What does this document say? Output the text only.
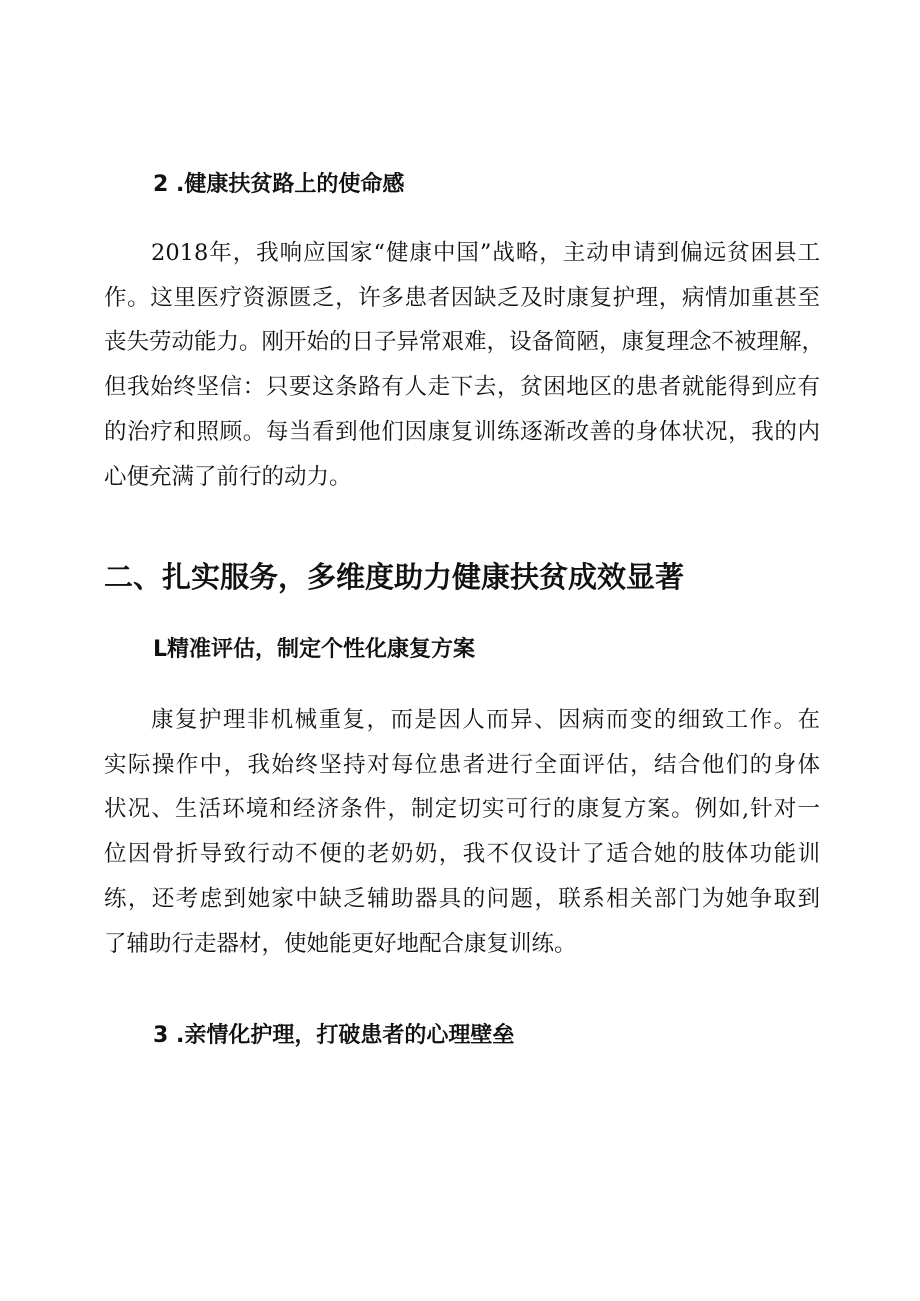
2 .健康扶贫路上的使命感

2018年，我响应国家“健康中国”战略，主动申请到偏远贫困县工
作。这里医疗资源匮乏，许多患者因缺乏及时康复护理，病情加重甚至
丧失劳动能力。刚开始的日子异常艰难，设备简陋，康复理念不被理解，
但我始终坚信：只要这条路有人走下去，贫困地区的患者就能得到应有
的治疗和照顾。每当看到他们因康复训练逐渐改善的身体状况，我的内
心便充满了前行的动力。

二、扎实服务，多维度助力健康扶贫成效显著
L精准评估，制定个性化康复方案

康复护理非机械重复，而是因人而异、因病而变的细致工作。在
实际操作中，我始终坚持对每位患者进行全面评估，结合他们的身体
状况、生活环境和经济条件，制定切实可行的康复方案。例如,针对一
位因骨折导致行动不便的老奶奶，我不仅设计了适合她的肢体功能训
练，还考虑到她家中缺乏辅助器具的问题，联系相关部门为她争取到
了辅助行走器材，使她能更好地配合康复训练。

3 .亲情化护理，打破患者的心理壁垒
